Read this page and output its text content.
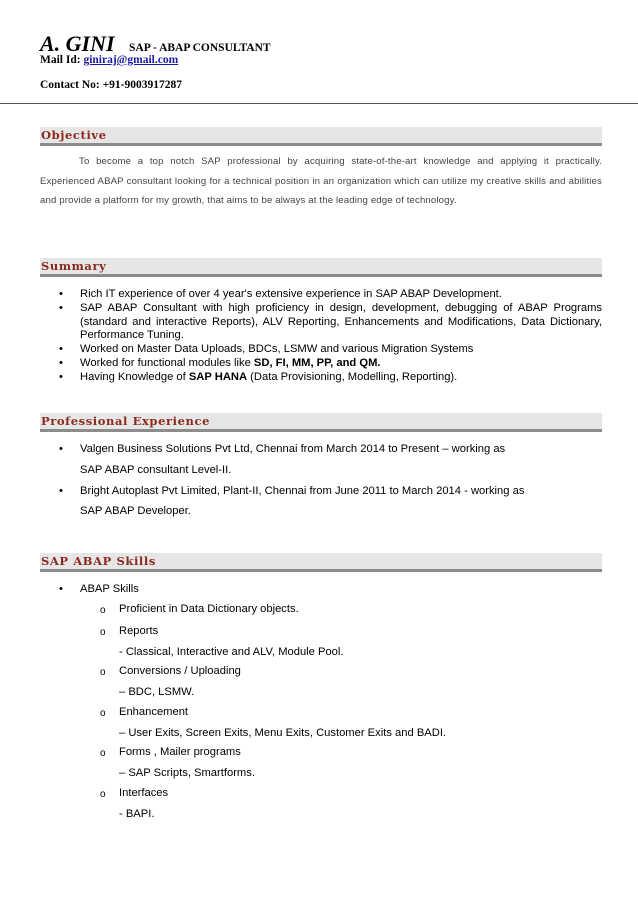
A. GINI SAP - ABAP CONSULTANT
Mail Id: giniraj@gmail.com
Contact No: +91-9003917287
Objective
To become a top notch SAP professional by acquiring state-of-the-art knowledge and applying it practically. Experienced ABAP consultant looking for a technical position in an organization which can utilize my creative skills and abilities and provide a platform for my growth, that aims to be always at the leading edge of technology.
Summary
• Rich IT experience of over 4 year's extensive experience in SAP ABAP Development.
• SAP ABAP Consultant with high proficiency in design, development, debugging of ABAP Programs (standard and interactive Reports), ALV Reporting, Enhancements and Modifications, Data Dictionary, Performance Tuning.
• Worked on Master Data Uploads, BDCs, LSMW and various Migration Systems
• Worked for functional modules like SD, FI, MM, PP, and QM.
• Having Knowledge of SAP HANA (Data Provisioning, Modelling, Reporting).
Professional Experience
• Valgen Business Solutions Pvt Ltd, Chennai from March 2014 to Present – working as
SAP ABAP consultant Level-II.
• Bright Autoplast Pvt Limited, Plant-II, Chennai from June 2011 to March 2014 - working as
SAP ABAP Developer.
SAP ABAP Skills
• ABAP Skills
o Proficient in Data Dictionary objects.
o Reports
- Classical, Interactive and ALV, Module Pool.
o Conversions / Uploading
– BDC, LSMW.
o Enhancement
– User Exits, Screen Exits, Menu Exits, Customer Exits and BADI.
o Forms , Mailer programs
– SAP Scripts, Smartforms.
o Interfaces
- BAPI.
